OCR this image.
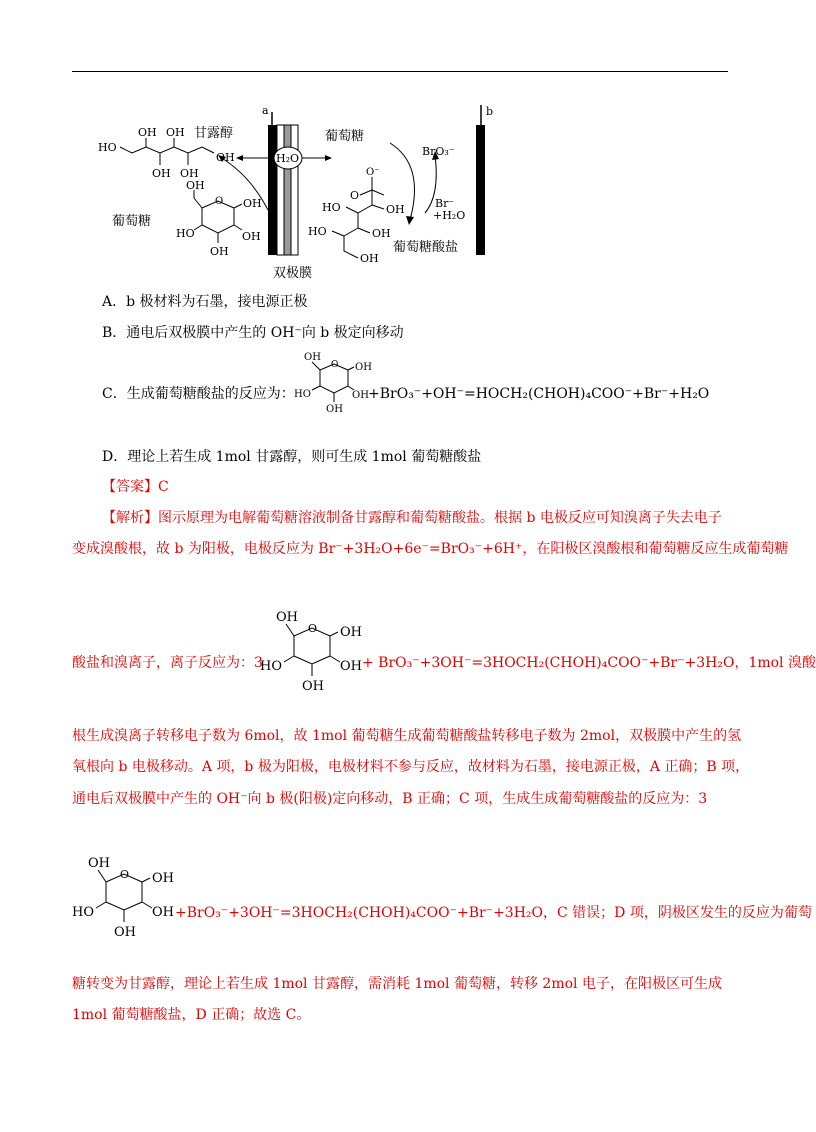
a
H₂O
双极膜
b
甘露醇
葡萄糖
葡萄糖
BrO₃⁻
Br⁻
+H₂O
葡萄糖酸盐
HO
OH OH
OH OH
OH
OH
O OH
HO	OH
OH
O⁻
O
OH
HO
OH
HO
OH
A．b 极材料为石墨，接电源正极
B．通电后双极膜中产生的 OH⁻向 b 极定向移动
C．生成葡萄糖酸盐的反应为：
OH
O OH
HO	OH
OH
+BrO₃⁻+OH⁻=HOCH₂(CHOH)₄COO⁻+Br⁻+H₂O
D．理论上若生成 1mol 甘露醇，则可生成 1mol 葡萄糖酸盐
【答案】C
【解析】图示原理为电解葡萄糖溶液制备甘露醇和葡萄糖酸盐。根据 b 电极反应可知溴离子失去电子
变成溴酸根，故 b 为阳极，电极反应为 Br⁻+3H₂O+6e⁻=BrO₃⁻+6H⁺，在阳极区溴酸根和葡萄糖反应生成葡萄糖
酸盐和溴离子，离子反应为：3
OH
O OH
HO	OH
OH
+ BrO₃⁻+3OH⁻=3HOCH₂(CHOH)₄COO⁻+Br⁻+3H₂O，1mol 溴酸
根生成溴离子转移电子数为 6mol，故 1mol 葡萄糖生成葡萄糖酸盐转移电子数为 2mol，双极膜中产生的氢
氧根向 b 电极移动。A 项，b 极为阳极，电极材料不参与反应，故材料为石墨，接电源正极，A 正确；B 项，
通电后双极膜中产生的 OH⁻向 b 极(阳极)定向移动，B 正确；C 项，生成生成葡萄糖酸盐的反应为：3
OH
O OH
HO	OH
OH
+BrO₃⁻+3OH⁻=3HOCH₂(CHOH)₄COO⁻+Br⁻+3H₂O，C 错误；D 项，阴极区发生的反应为葡萄
糖转变为甘露醇，理论上若生成 1mol 甘露醇，需消耗 1mol 葡萄糖，转移 2mol 电子，在阳极区可生成
1mol 葡萄糖酸盐，D 正确；故选 C。
